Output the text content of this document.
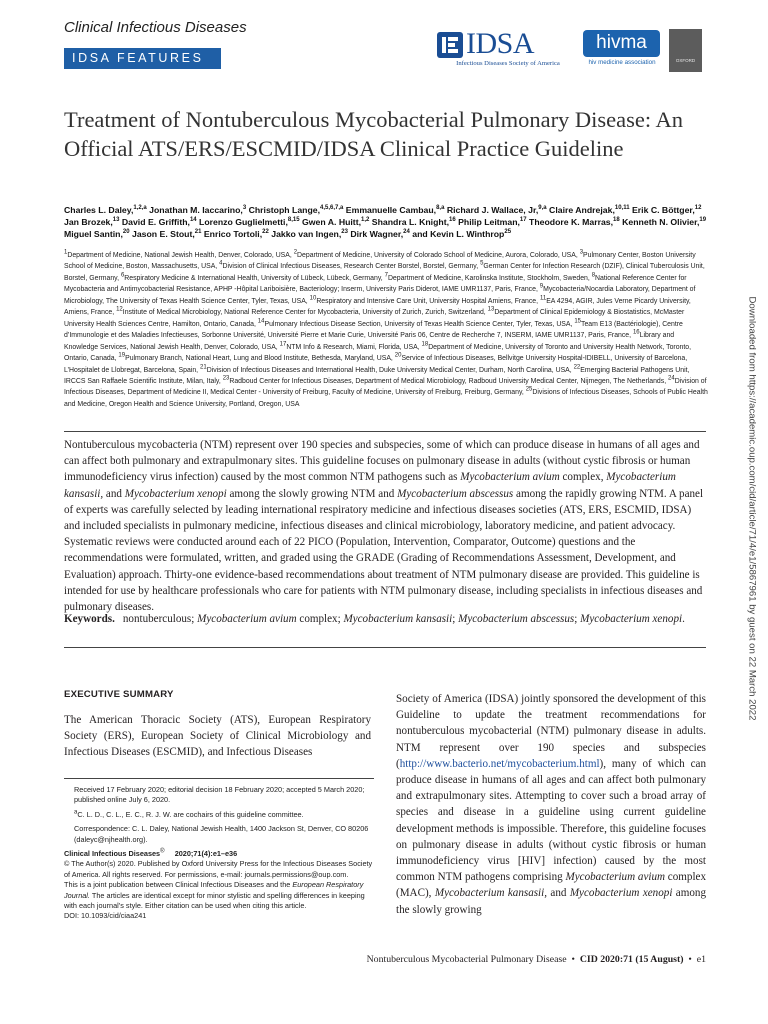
Clinical Infectious Diseases
IDSA FEATURES	IDSA
Infectious Diseases Society of America
hivma
hiv medicine association	OXFORD
Treatment of Nontuberculous Mycobacterial Pulmonary Disease: An Official ATS/ERS/ESCMID/IDSA Clinical Practice Guideline
Charles L. Daley,$^{1,2,a}$ Jonathan M. Iaccarino,$^3$ Christoph Lange,$^{4,5,6,7,a}$ Emmanuelle Cambau,$^{8,a}$ Richard J. Wallace, Jr,$^{9,a}$ Claire Andrejak,$^{10,11}$ Erik C. Böttger,$^{12}$ Jan Brozek,$^{13}$ David E. Griffith,$^{14}$ Lorenzo Guglielmetti,$^{8,15}$ Gwen A. Huitt,$^{1,2}$ Shandra L. Knight,$^{16}$ Philip Leitman,$^{17}$ Theodore K. Marras,$^{18}$ Kenneth N. Olivier,$^{19}$ Miguel Santin,$^{20}$ Jason E. Stout,$^{21}$ Enrico Tortoli,$^{22}$ Jakko van Ingen,$^{23}$ Dirk Wagner,$^{24}$ and Kevin L. Winthrop$^{25}$
$^1$Department of Medicine, National Jewish Health, Denver, Colorado, USA, $^2$Department of Medicine, University of Colorado School of Medicine, Aurora, Colorado, USA, $^3$Pulmonary Center, Boston University School of Medicine, Boston, Massachusetts, USA, $^4$Division of Clinical Infectious Diseases, Research Center Borstel, Borstel, Germany, $^5$German Center for Infection Research (DZIF), Clinical Tuberculosis Unit, Borstel, Germany, $^6$Respiratory Medicine & International Health, University of Lübeck, Lübeck, Germany, $^7$Department of Medicine, Karolinska Institute, Stockholm, Sweden, $^8$National Reference Center for Mycobacteria and Antimycobacterial Resistance, APHP -Hôpital Lariboisière, Bacteriology; Inserm, University Paris Diderot, IAME UMR1137, Paris, France, $^9$Mycobacteria/Nocardia Laboratory, Department of Microbiology, The University of Texas Health Science Center, Tyler, Texas, USA, $^{10}$Respiratory and Intensive Care Unit, University Hospital Amiens, France, $^{11}$EA 4294, AGIR, Jules Verne Picardy University, Amiens, France, $^{12}$Institute of Medical Microbiology, National Reference Center for Mycobacteria, University of Zurich, Zurich, Switzerland, $^{13}$Department of Clinical Epidemiology & Biostatistics, McMaster University Health Sciences Centre, Hamilton, Ontario, Canada, $^{14}$Pulmonary Infectious Disease Section, University of Texas Health Science Center, Tyler, Texas, USA, $^{15}$Team E13 (Bactériologie), Centre d’Immunologie et des Maladies Infectieuses, Sorbonne Université, Université Pierre et Marie Curie, Université Paris 06, Centre de Recherche 7, INSERM, IAME UMR1137, Paris, France, $^{16}$Library and Knowledge Services, National Jewish Health, Denver, Colorado, USA, $^{17}$NTM Info & Research, Miami, Florida, USA, $^{18}$Department of Medicine, University of Toronto and University Health Network, Toronto, Ontario, Canada, $^{19}$Pulmonary Branch, National Heart, Lung and Blood Institute, Bethesda, Maryland, USA, $^{20}$Service of Infectious Diseases, Bellvitge University Hospital-IDIBELL, University of Barcelona, L’Hospitalet de Llobregat, Barcelona, Spain, $^{21}$Division of Infectious Diseases and International Health, Duke University Medical Center, Durham, North Carolina, USA, $^{22}$Emerging Bacterial Pathogens Unit, IRCCS San Raffaele Scientific Institute, Milan, Italy, $^{23}$Radboud Center for Infectious Diseases, Department of Medical Microbiology, Radboud University Medical Center, Nijmegen, The Netherlands, $^{24}$Division of Infectious Diseases, Department of Medicine II, Medical Center - University of Freiburg, Faculty of Medicine, University of Freiburg, Freiburg, Germany, $^{25}$Divisions of Infectious Diseases, Schools of Public Health and Medicine, Oregon Health and Science University, Portland, Oregon, USA
Nontuberculous mycobacteria (NTM) represent over 190 species and subspecies, some of which can produce disease in humans of all ages and can affect both pulmonary and extrapulmonary sites. This guideline focuses on pulmonary disease in adults (without cystic fibrosis or human immunodeficiency virus infection) caused by the most common NTM pathogens such as Mycobacterium avium complex, Mycobacterium kansasii, and Mycobacterium xenopi among the slowly growing NTM and Mycobacterium abscessus among the rapidly growing NTM. A panel of experts was carefully selected by leading international respiratory medicine and infectious diseases societies (ATS, ERS, ESCMID, IDSA) and included specialists in pulmonary medicine, infectious diseases and clinical microbiology, laboratory medicine, and patient advocacy. Systematic reviews were conducted around each of 22 PICO (Population, Intervention, Comparator, Outcome) questions and the recommendations were formulated, written, and graded using the GRADE (Grading of Recommendations Assessment, Development, and Evaluation) approach. Thirty-one evidence-based recommendations about treatment of NTM pulmonary disease are provided. This guideline is intended for use by healthcare professionals who care for patients with NTM pulmonary disease, including specialists in infectious diseases and pulmonary diseases.
Keywords. nontuberculous; Mycobacterium avium complex; Mycobacterium kansasii; Mycobacterium abscessus; Mycobacterium xenopi.
EXECUTIVE SUMMARY
The American Thoracic Society (ATS), European Respiratory Society (ERS), European Society of Clinical Microbiology and Infectious Diseases (ESCMID), and Infectious Diseases

Received 17 February 2020; editorial decision 18 February 2020; accepted 5 March 2020; published online July 6, 2020.

$^a$C. L. D., C. L., E. C., R. J. W. are cochairs of this guideline committee.

Correspondence: C. L. Daley, National Jewish Health, 1400 Jackson St, Denver, CO 80206 (daleyc@njhealth.org).

Clinical Infectious Diseases® 2020;71(4):e1–e36
© The Author(s) 2020. Published by Oxford University Press for the Infectious Diseases Society of America. All rights reserved. For permissions, e-mail: journals.permissions@oup.com.
This is a joint publication between Clinical Infectious Diseases and the European Respiratory Journal. The articles are identical except for minor stylistic and spelling differences in keeping with each journal’s style. Either citation can be used when citing this article.
DOI: 10.1093/cid/ciaa241

Society of America (IDSA) jointly sponsored the development of this Guideline to update the treatment recommendations for nontuberculous mycobacterial (NTM) pulmonary disease in adults. NTM represent over 190 species and subspecies (http://www.bacterio.net/mycobacterium.html), many of which can produce disease in humans of all ages and can affect both pulmonary and extrapulmonary sites. Attempting to cover such a broad array of species and disease in a guideline using current guideline development methods is impossible. Therefore, this guideline focuses on pulmonary disease in adults (without cystic fibrosis or human immunodeficiency virus [HIV] infection) caused by the most common NTM pathogens comprising Mycobacterium avium complex (MAC), Mycobacterium kansasii, and Mycobacterium xenopi among the slowly growing
Nontuberculous Mycobacterial Pulmonary Disease  •  CID 2020:71 (15 August)  •  e1
Downloaded from https://academic.oup.com/cid/article/71/4/e1/5867961 by guest on 22 March 2022
